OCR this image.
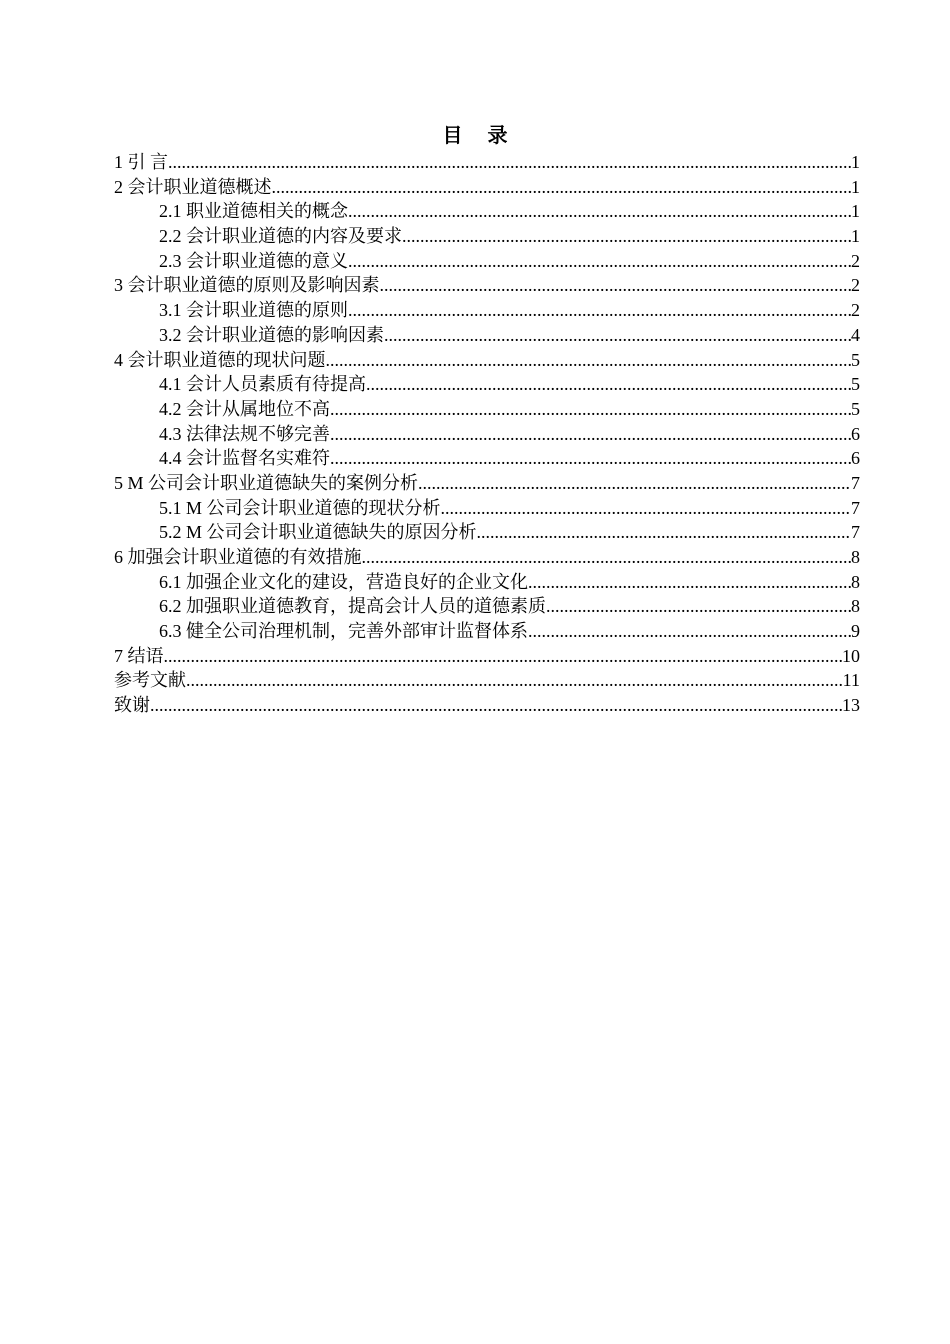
目 录
1 引 言 .....	1
2 会计职业道德概述 .....	1
2.1 职业道德相关的概念 .....	1
2.2 会计职业道德的内容及要求 .....	1
2.3 会计职业道德的意义 .....	2
3 会计职业道德的原则及影响因素 .....	2
3.1 会计职业道德的原则 .....	2
3.2 会计职业道德的影响因素 .....	4
4 会计职业道德的现状问题 .....	5
4.1 会计人员素质有待提高 .....	5
4.2 会计从属地位不高 .....	5
4.3 法律法规不够完善 .....	6
4.4 会计监督名实难符 .....	6
5 M 公司会计职业道德缺失的案例分析 .....	7
5.1 M 公司会计职业道德的现状分析 .....	7
5.2 M 公司会计职业道德缺失的原因分析 .....	7
6 加强会计职业道德的有效措施 .....	8
6.1 加强企业文化的建设，营造良好的企业文化 .....	8
6.2 加强职业道德教育，提高会计人员的道德素质 .....	8
6.3 健全公司治理机制，完善外部审计监督体系 .....	9
7 结语 .....	10
参考文献 .....	11
致谢 .....	13
